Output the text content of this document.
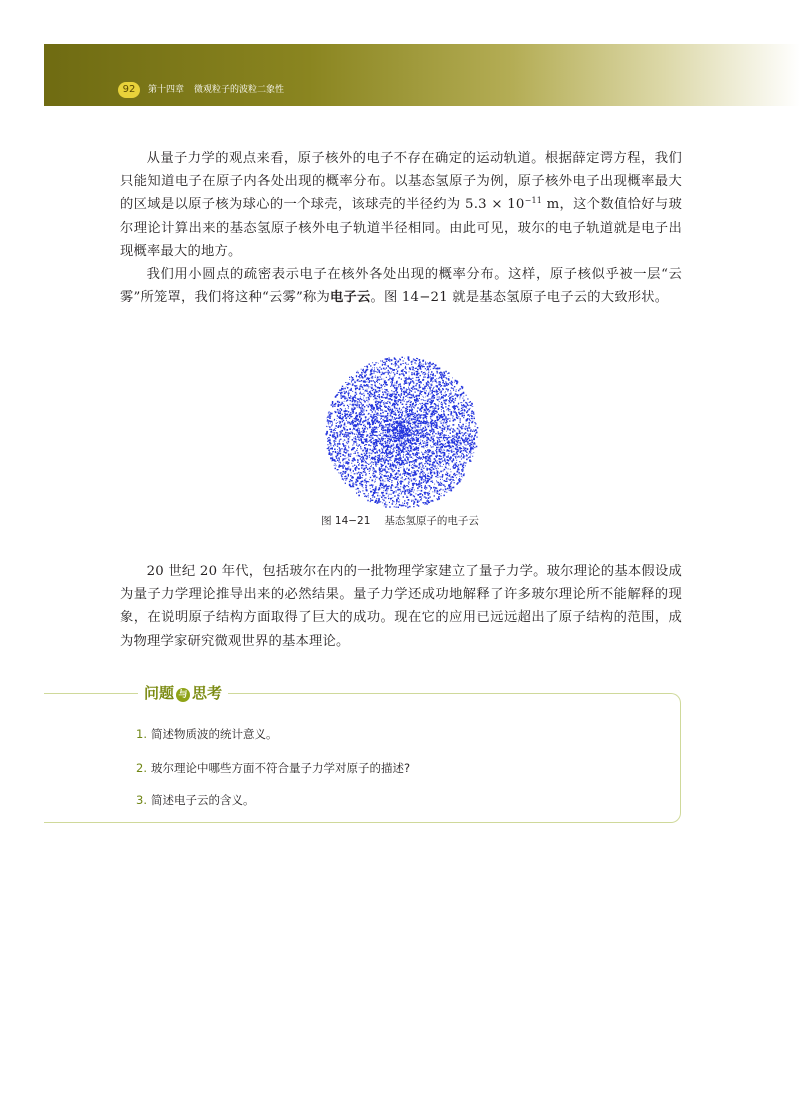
92	第十四章 微观粒子的波粒二象性

从量子力学的观点来看，原子核外的电子不存在确定的运动轨道。根据薛定谔方程，我们只能知道电子在原子内各处出现的概率分布。以基态氢原子为例，原子核外电子出现概率最大的区域是以原子核为球心的一个球壳，该球壳的半径约为 $5.3 \times 10^{-11}$ m，这个数值恰好与玻尔理论计算出来的基态氢原子核外电子轨道半径相同。由此可见，玻尔的电子轨道就是电子出现概率最大的地方。

我们用小圆点的疏密表示电子在核外各处出现的概率分布。这样，原子核似乎被一层“云雾”所笼罩，我们将这种“云雾”称为电子云。图 14−21 就是基态氢原子电子云的大致形状。

图 14−21 基态氢原子的电子云

20 世纪 20 年代，包括玻尔在内的一批物理学家建立了量子力学。玻尔理论的基本假设成为量子力学理论推导出来的必然结果。量子力学还成功地解释了许多玻尔理论所不能解释的现象，在说明原子结构方面取得了巨大的成功。现在它的应用已远远超出了原子结构的范围，成为物理学家研究微观世界的基本理论。

问题 与 思考
1. 简述物质波的统计意义。
2. 玻尔理论中哪些方面不符合量子力学对原子的描述?
3. 简述电子云的含义。
